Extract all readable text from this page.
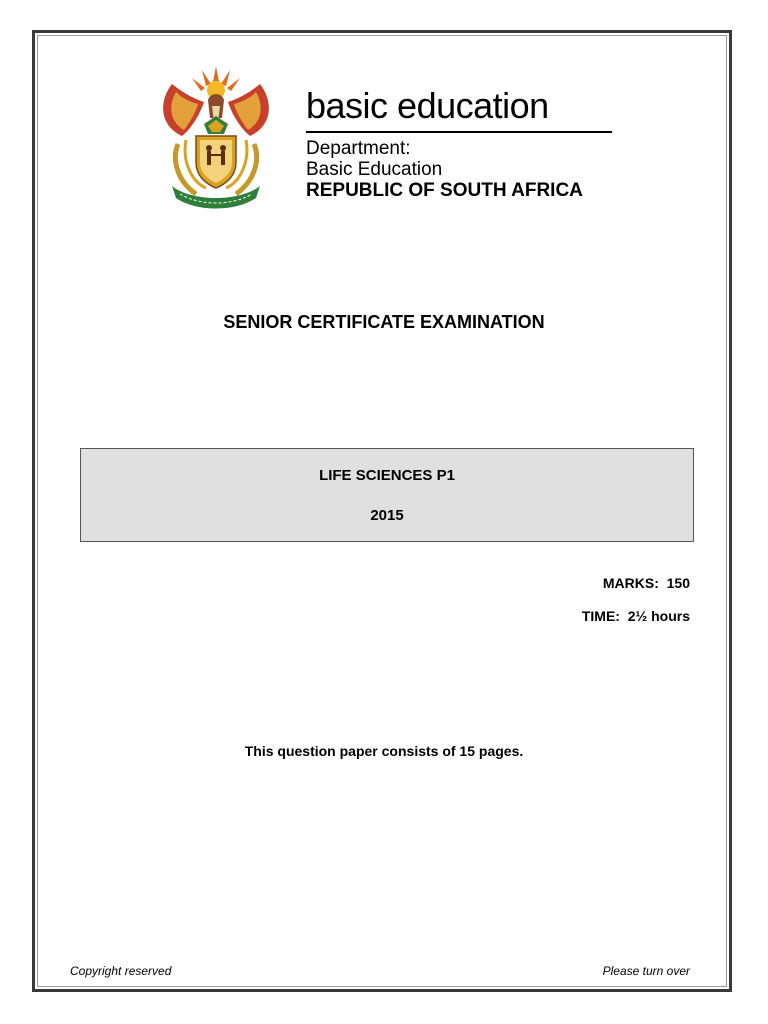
basic education
Department:
Basic Education
REPUBLIC OF SOUTH AFRICA
SENIOR CERTIFICATE EXAMINATION
LIFE SCIENCES P1
2015
MARKS: 150
TIME: 2½ hours
This question paper consists of 15 pages.
Copyright reserved	Please turn over
